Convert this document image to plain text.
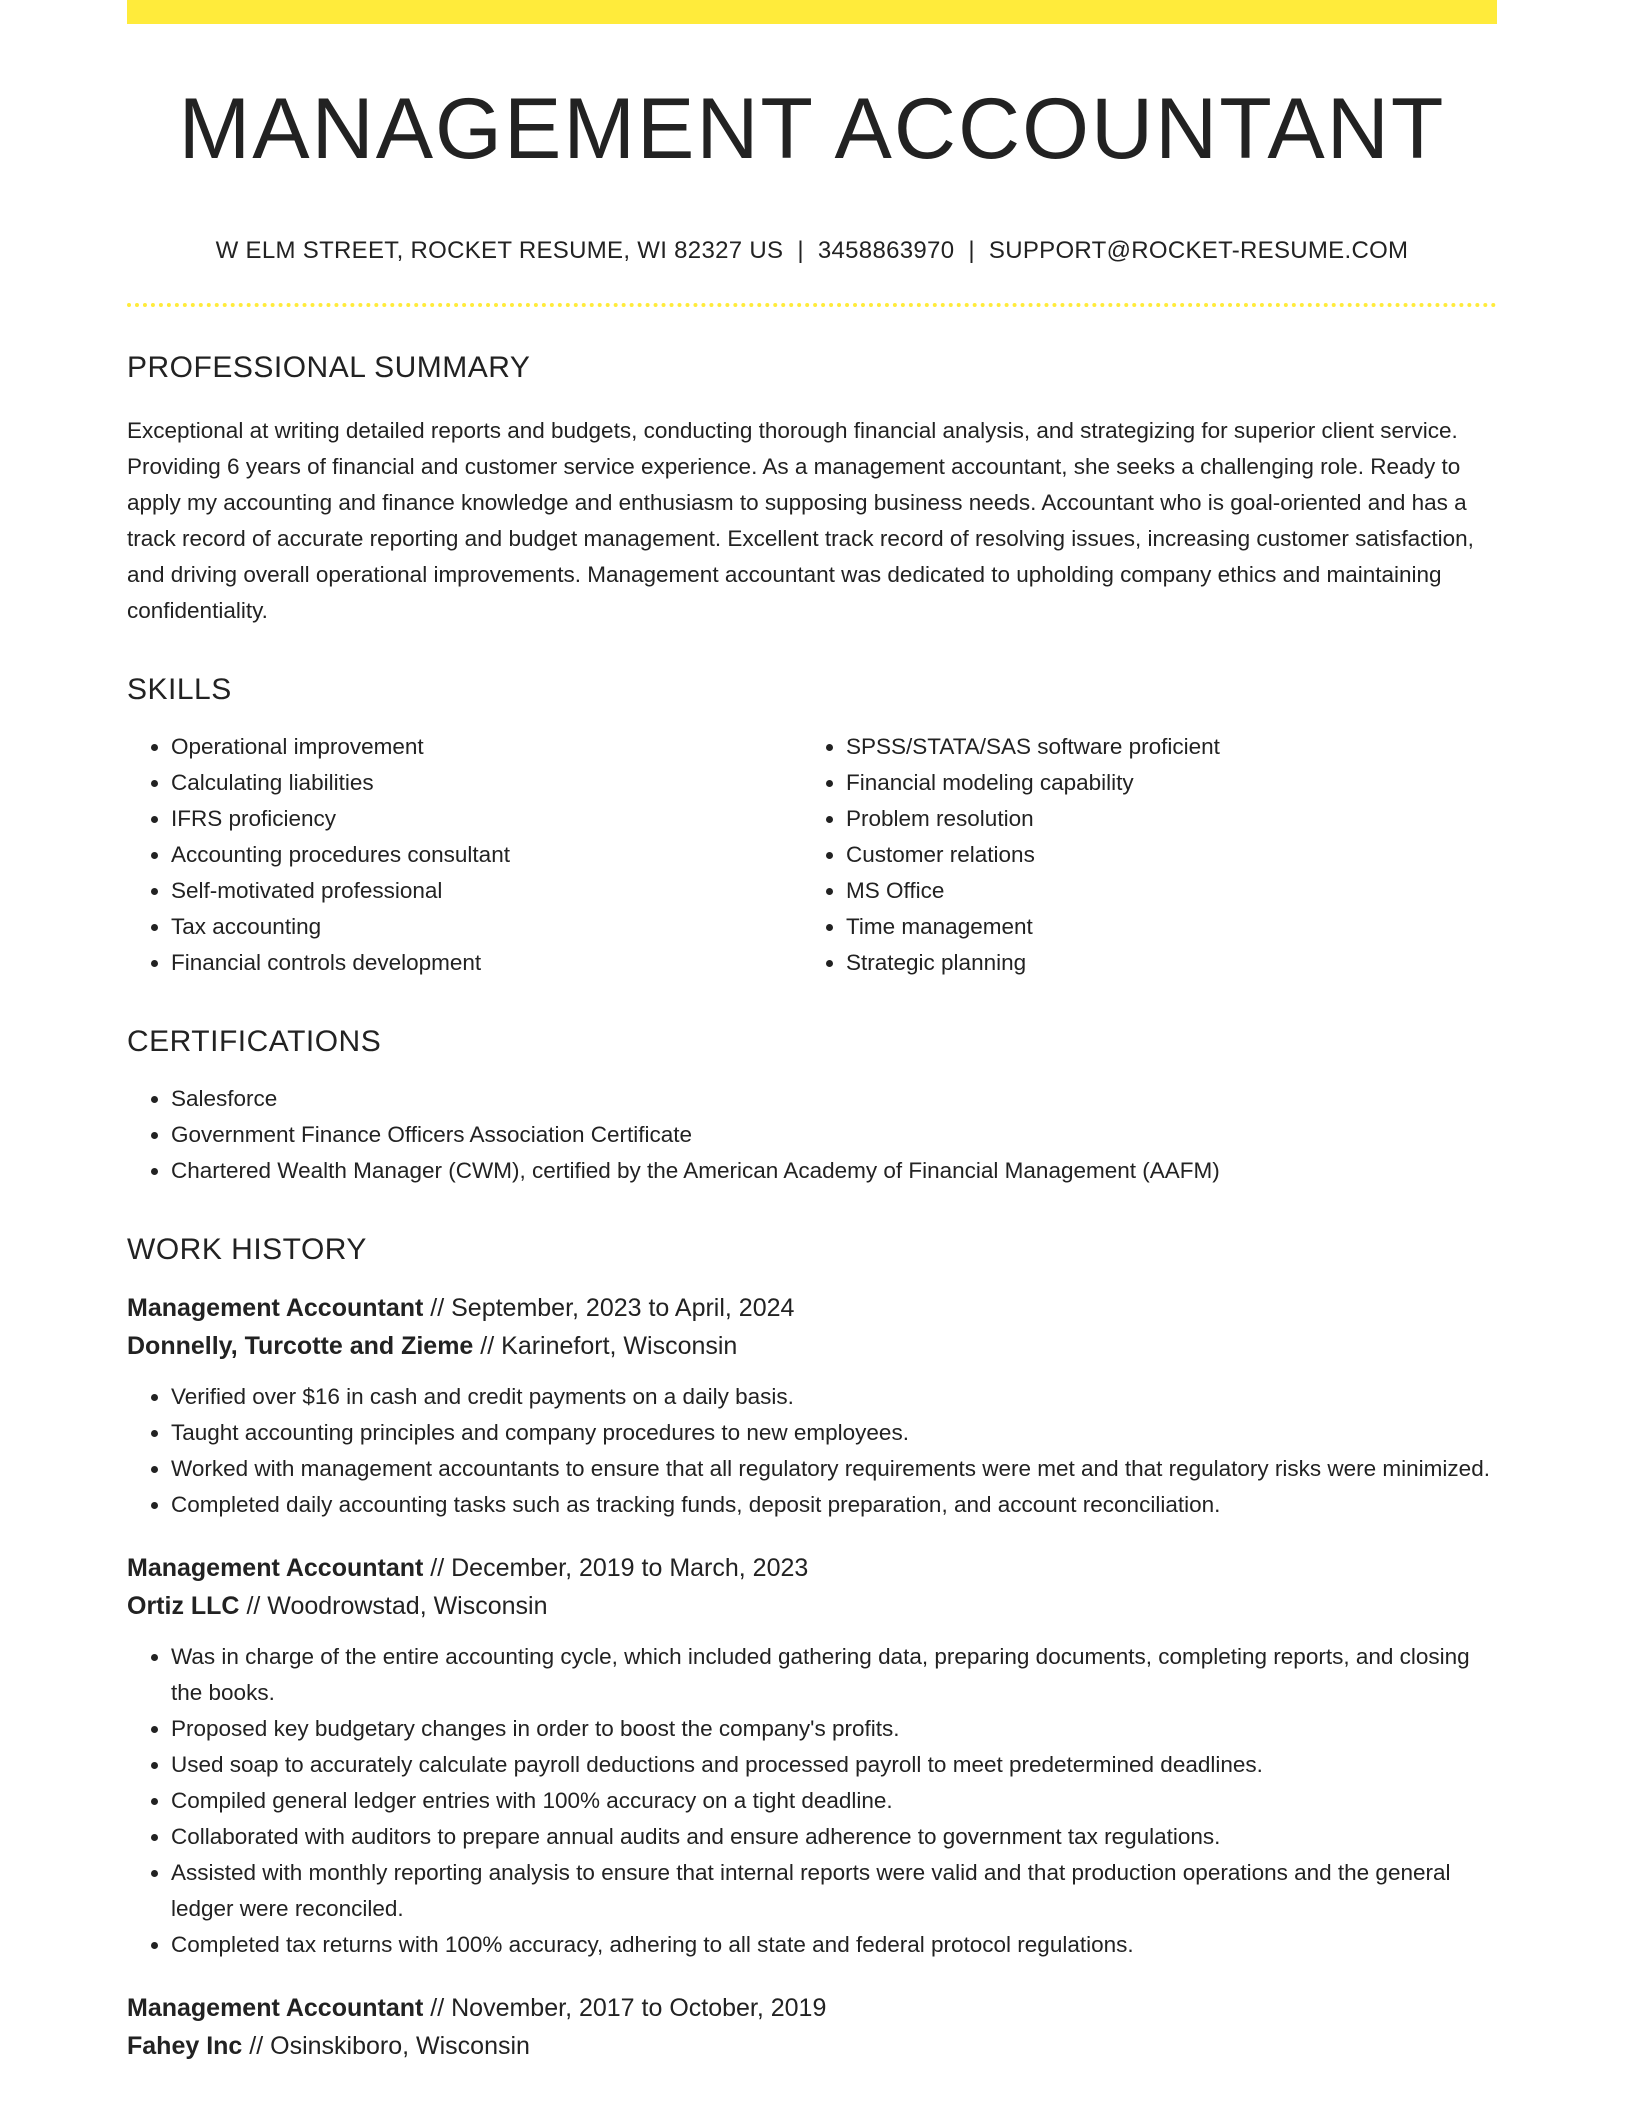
MANAGEMENT ACCOUNTANT
W ELM STREET, ROCKET RESUME, WI 82327 US | 3458863970 | SUPPORT@ROCKET-RESUME.COM
PROFESSIONAL SUMMARY
Exceptional at writing detailed reports and budgets, conducting thorough financial analysis, and strategizing for superior client service. Providing 6 years of financial and customer service experience. As a management accountant, she seeks a challenging role. Ready to apply my accounting and finance knowledge and enthusiasm to supposing business needs. Accountant who is goal-oriented and has a track record of accurate reporting and budget management. Excellent track record of resolving issues, increasing customer satisfaction, and driving overall operational improvements. Management accountant was dedicated to upholding company ethics and maintaining confidentiality.
SKILLS
• Operational improvement
• Calculating liabilities
• IFRS proficiency
• Accounting procedures consultant
• Self-motivated professional
• Tax accounting
• Financial controls development
• SPSS/STATA/SAS software proficient
• Financial modeling capability
• Problem resolution
• Customer relations
• MS Office
• Time management
• Strategic planning
CERTIFICATIONS
• Salesforce
• Government Finance Officers Association Certificate
• Chartered Wealth Manager (CWM), certified by the American Academy of Financial Management (AAFM)
WORK HISTORY
Management Accountant // September, 2023 to April, 2024
Donnelly, Turcotte and Zieme // Karinefort, Wisconsin
• Verified over $16 in cash and credit payments on a daily basis.
• Taught accounting principles and company procedures to new employees.
• Worked with management accountants to ensure that all regulatory requirements were met and that regulatory risks were minimized.
• Completed daily accounting tasks such as tracking funds, deposit preparation, and account reconciliation.
Management Accountant // December, 2019 to March, 2023
Ortiz LLC // Woodrowstad, Wisconsin
• Was in charge of the entire accounting cycle, which included gathering data, preparing documents, completing reports, and closing the books.
• Proposed key budgetary changes in order to boost the company's profits.
• Used soap to accurately calculate payroll deductions and processed payroll to meet predetermined deadlines.
• Compiled general ledger entries with 100% accuracy on a tight deadline.
• Collaborated with auditors to prepare annual audits and ensure adherence to government tax regulations.
• Assisted with monthly reporting analysis to ensure that internal reports were valid and that production operations and the general ledger were reconciled.
• Completed tax returns with 100% accuracy, adhering to all state and federal protocol regulations.
Management Accountant // November, 2017 to October, 2019
Fahey Inc // Osinskiboro, Wisconsin
